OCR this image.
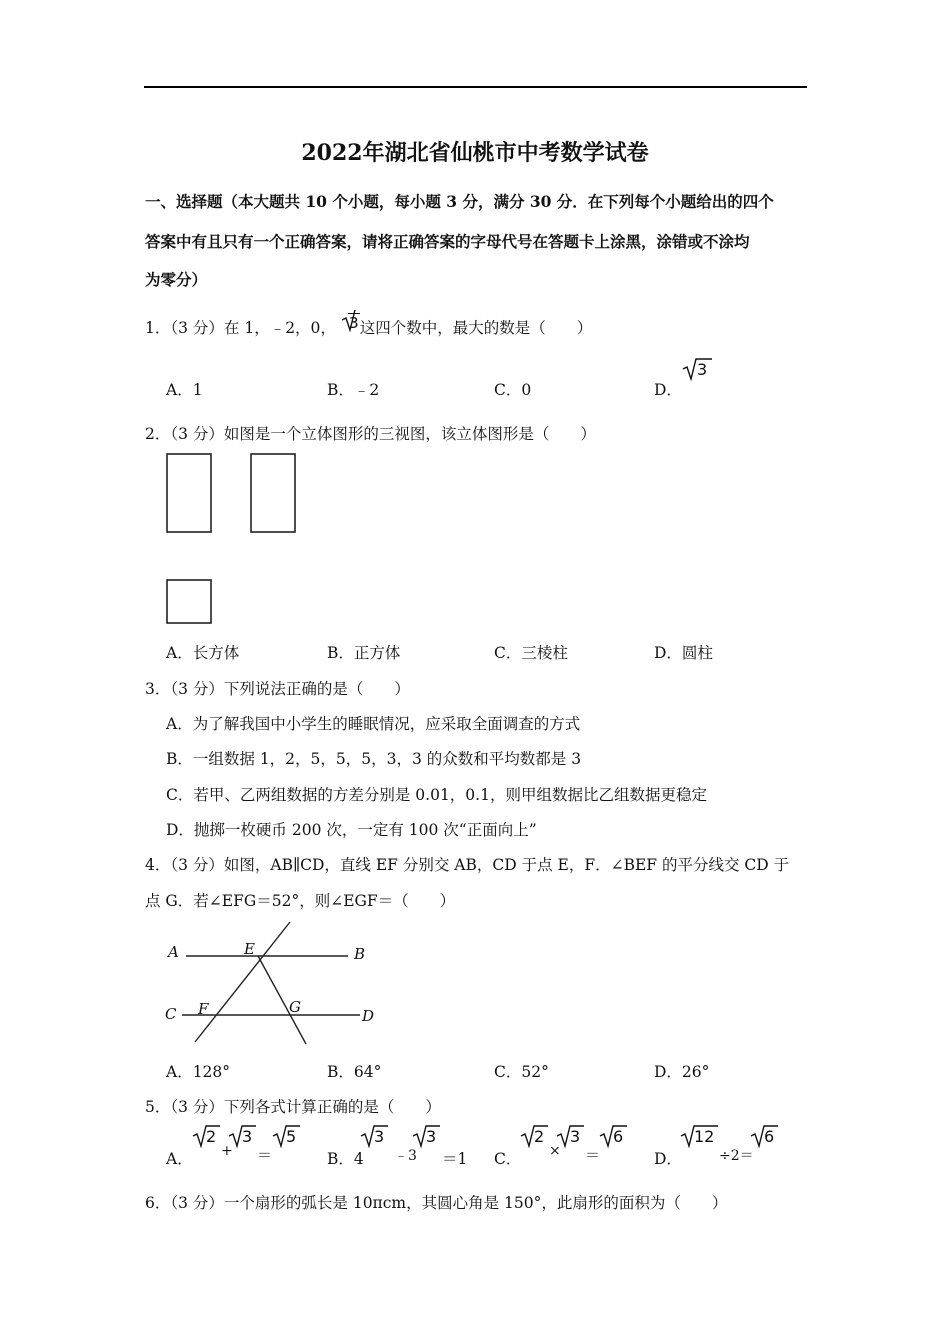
2022年湖北省仙桃市中考数学试卷
一、选择题（本大题共 10 个小题，每小题 3 分，满分 30 分．在下列每个小题给出的四个
答案中有且只有一个正确答案，请将正确答案的字母代号在答题卡上涂黑，涂错或不涂均
为零分）
1．（3 分）在 1，﹣2，0， 3这四个数中，最大的数是（　　）
A．1	B．﹣2	C．0	D．
3
2．（3 分）如图是一个立体图形的三视图，该立体图形是（　　）
A．长方体	B．正方体	C．三棱柱	D．圆柱
3．（3 分）下列说法正确的是（　　）
A．为了解我国中小学生的睡眠情况，应采取全面调查的方式
B．一组数据 1，2，5，5，5，3，3 的众数和平均数都是 3
C．若甲、乙两组数据的方差分别是 0.01，0.1，则甲组数据比乙组数据更稳定
D．抛掷一枚硬币 200 次，一定有 100 次“正面向上”
4．（3 分）如图，AB∥CD，直线 EF 分别交 AB，CD 于点 E，F．∠BEF 的平分线交 CD 于
点 G．若∠EFG＝52°，则∠EGF＝（　　）
A	E	B
C F	G	D
A．128°	B．64°	C．52°	D．26°
5．（3 分）下列各式计算正确的是（　　）
2 3 5	3	3	2 3 6	12	6
A． + ＝	B．4 ﹣3 ＝1 C． × ＝	D．	÷2＝
6．（3 分）一个扇形的弧长是 10πcm，其圆心角是 150°，此扇形的面积为（　　）
